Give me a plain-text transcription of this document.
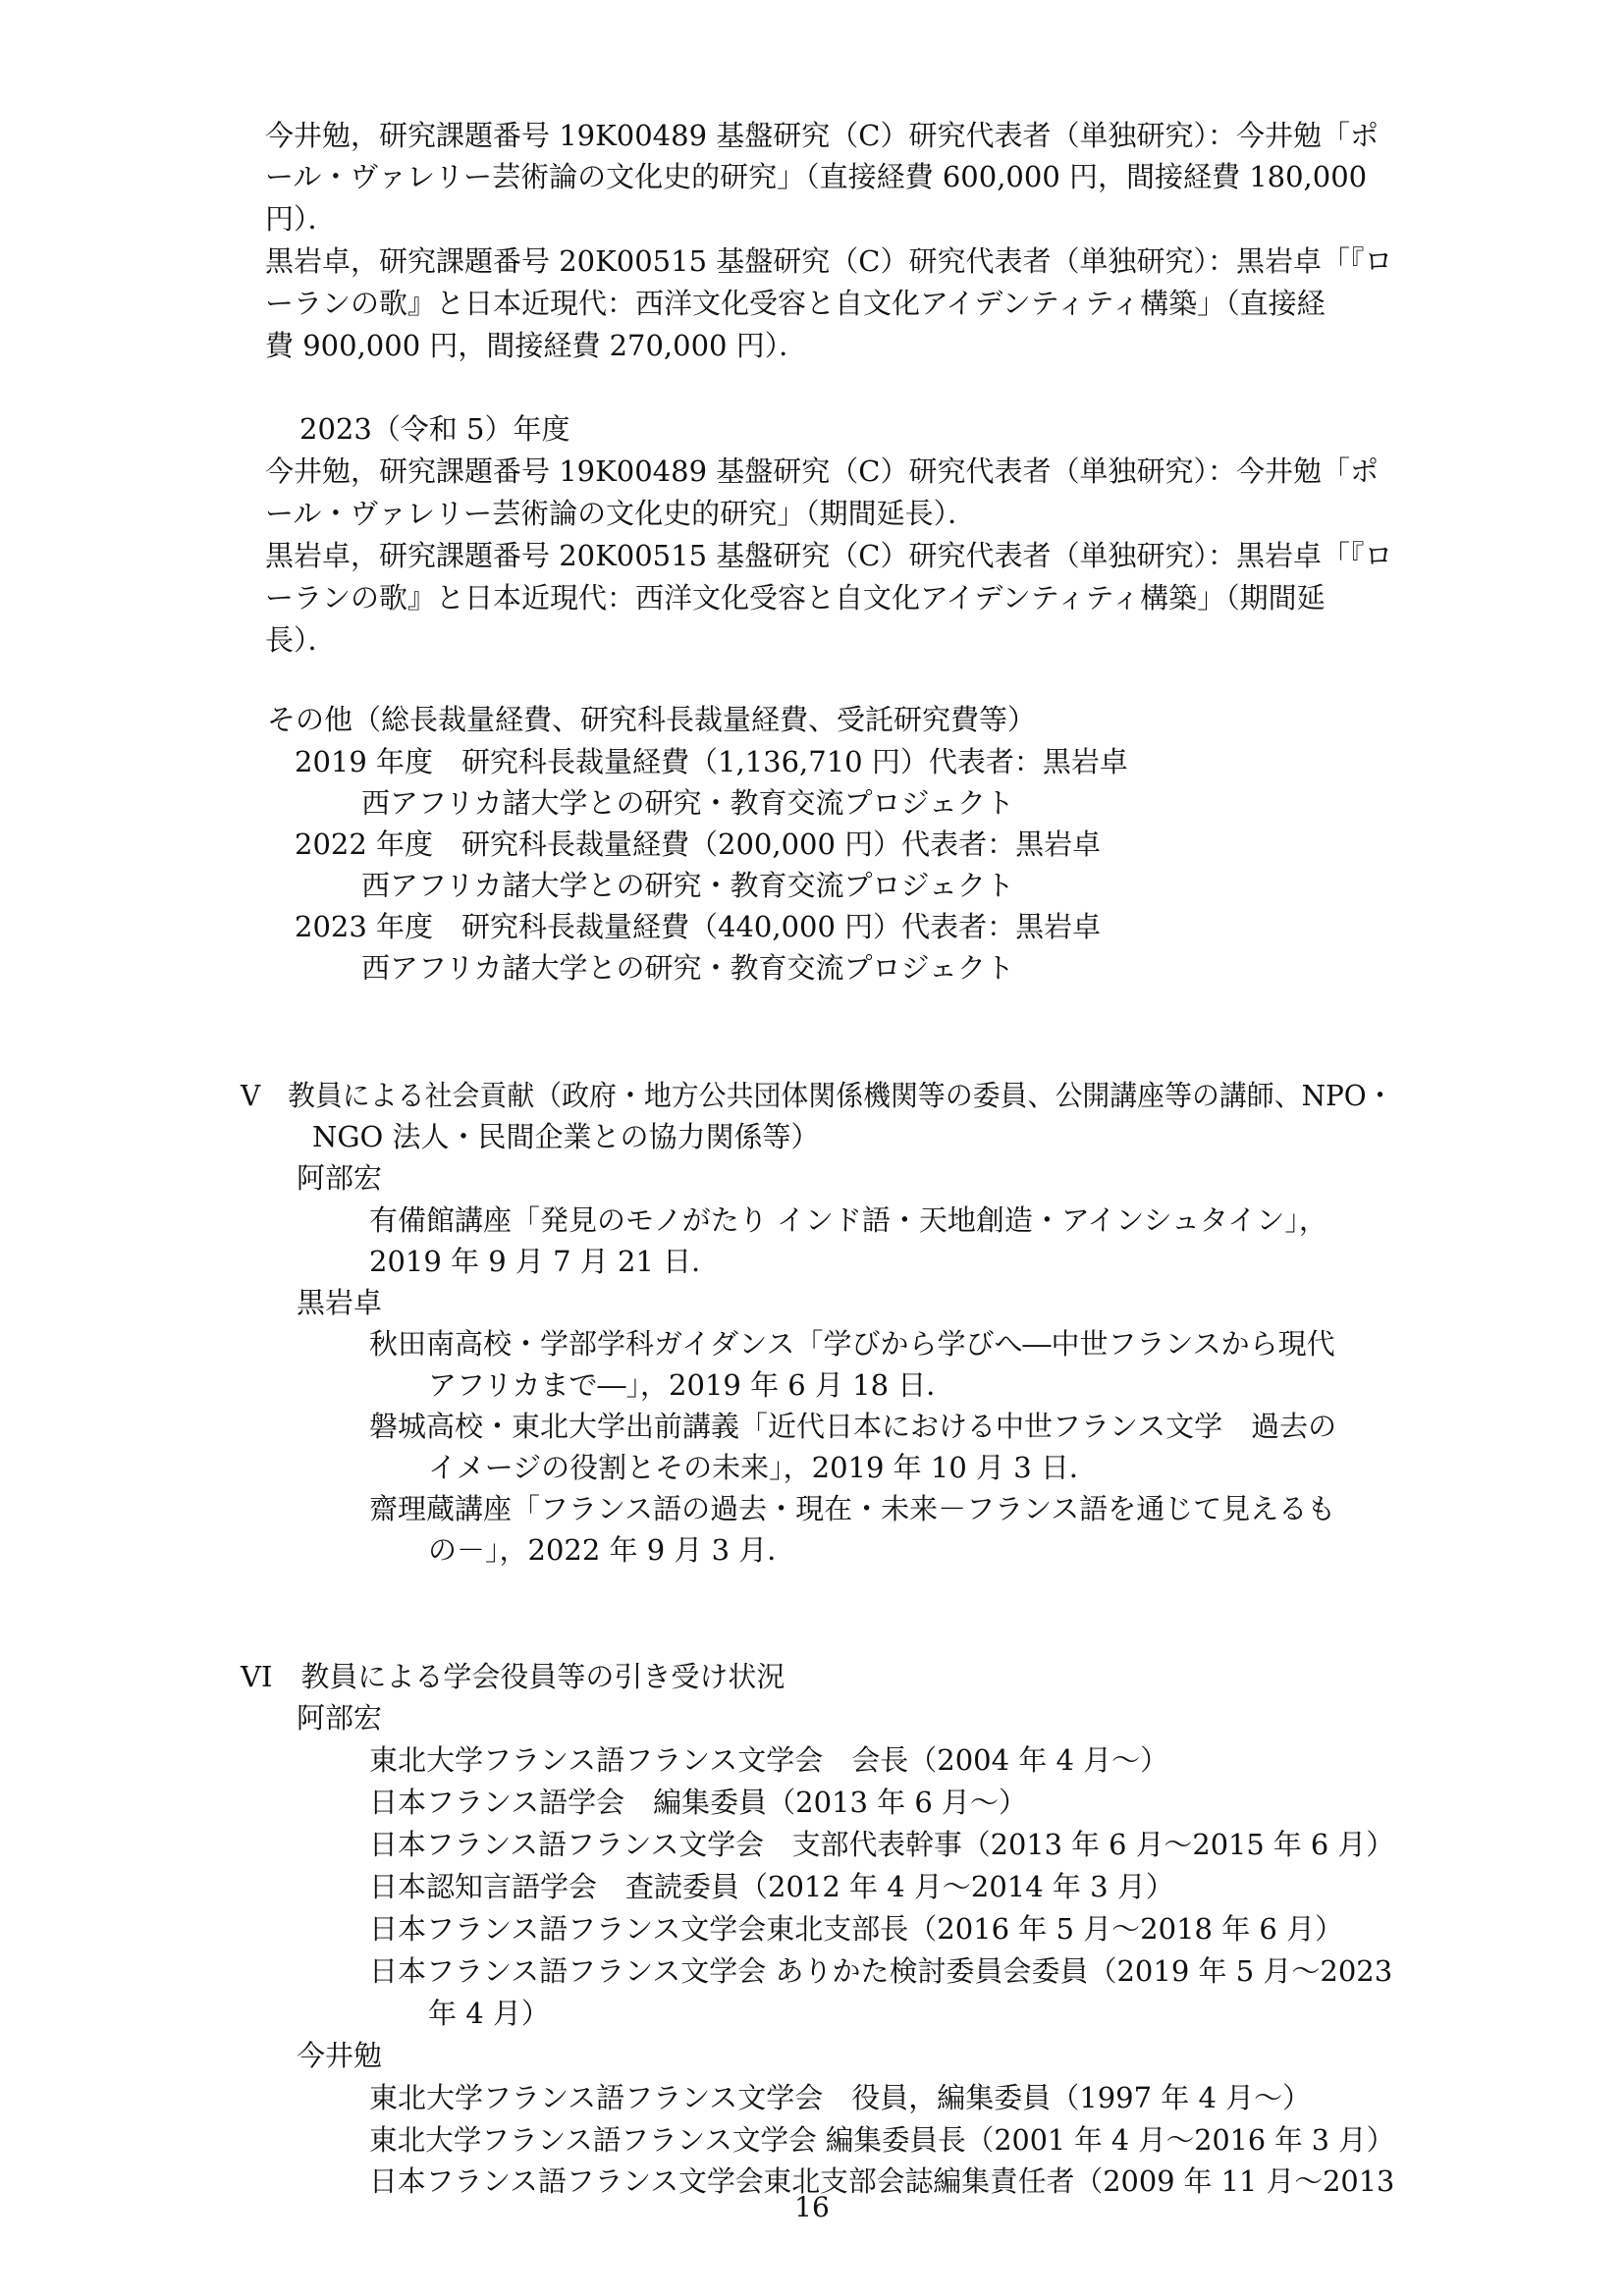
今井勉，研究課題番号 19K00489 基盤研究（C）研究代表者（単独研究）：今井勉「ポ

ール・ヴァレリー芸術論の文化史的研究」（直接経費 600,000 円，間接経費 180,000

円）．

黒岩卓，研究課題番号 20K00515 基盤研究（C）研究代表者（単独研究）：黒岩卓「『ロ

ーランの歌』と日本近現代：西洋文化受容と自文化アイデンティティ構築」（直接経

費 900,000 円，間接経費 270,000 円）．

2023（令和 5）年度

今井勉，研究課題番号 19K00489 基盤研究（C）研究代表者（単独研究）：今井勉「ポ

ール・ヴァレリー芸術論の文化史的研究」（期間延長）．

黒岩卓，研究課題番号 20K00515 基盤研究（C）研究代表者（単独研究）：黒岩卓「『ロ

ーランの歌』と日本近現代：西洋文化受容と自文化アイデンティティ構築」（期間延

長）．

その他（総長裁量経費、研究科長裁量経費、受託研究費等）

2019 年度　研究科長裁量経費（1,136,710 円）代表者：黒岩卓

西アフリカ諸大学との研究・教育交流プロジェクト

2022 年度　研究科長裁量経費（200,000 円）代表者：黒岩卓

西アフリカ諸大学との研究・教育交流プロジェクト

2023 年度　研究科長裁量経費（440,000 円）代表者：黒岩卓

西アフリカ諸大学との研究・教育交流プロジェクト

V　教員による社会貢献（政府・地方公共団体関係機関等の委員、公開講座等の講師、NPO・

NGO 法人・民間企業との協力関係等）

阿部宏

有備館講座「発見のモノがたり インド語・天地創造・アインシュタイン」，

2019 年 9 月 7 月 21 日．

黒岩卓

秋田南高校・学部学科ガイダンス「学びから学びへ―中世フランスから現代

アフリカまで―」，2019 年 6 月 18 日．

磐城高校・東北大学出前講義「近代日本における中世フランス文学　過去の

イメージの役割とその未来」，2019 年 10 月 3 日．

齋理蔵講座「フランス語の過去・現在・未来－フランス語を通じて見えるも

の－」，2022 年 9 月 3 月．

VI　教員による学会役員等の引き受け状況

阿部宏

東北大学フランス語フランス文学会　会長（2004 年 4 月～）

日本フランス語学会　編集委員（2013 年 6 月～）

日本フランス語フランス文学会　支部代表幹事（2013 年 6 月～2015 年 6 月）

日本認知言語学会　査読委員（2012 年 4 月～2014 年 3 月）

日本フランス語フランス文学会東北支部長（2016 年 5 月～2018 年 6 月）

日本フランス語フランス文学会 ありかた検討委員会委員（2019 年 5 月～2023

年 4 月）

今井勉

東北大学フランス語フランス文学会　役員，編集委員（1997 年 4 月～）

東北大学フランス語フランス文学会 編集委員長（2001 年 4 月～2016 年 3 月）

日本フランス語フランス文学会東北支部会誌編集責任者（2009 年 11 月～2013

16
